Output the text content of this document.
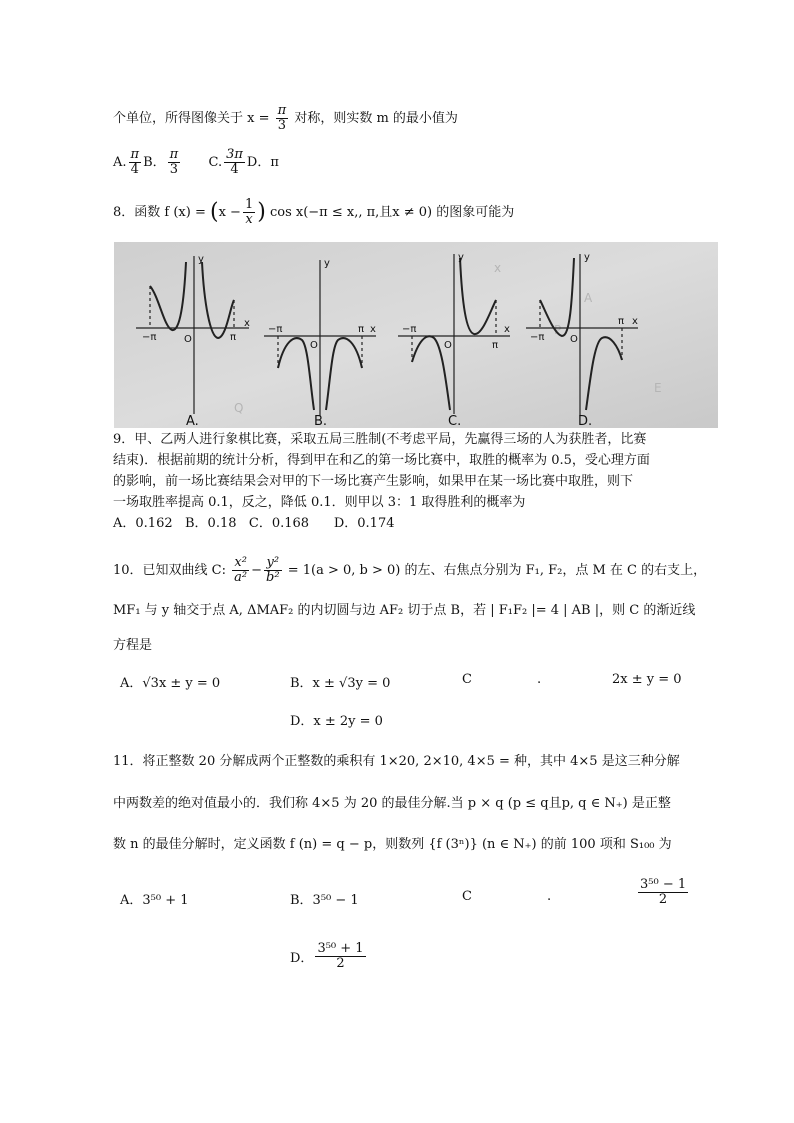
个单位，所得图像关于 $x = \frac{\pi}{3}$ 对称，则实数 m 的最小值为
A. $\frac{\pi}{4}$ B． $\frac{\pi}{3} C$. $\frac{3\pi}{4}$ D．π
8．函数 f $(x) = (x - \frac{1}{x}$ ) cos x(−π ≤ x,, π,且x ≠ 0) 的图象可能为
x
A
P
Q
E
−π	π
O
y
x
A.
−π	π
O
y
x
B.
−π
π
O
y
x
C.
−π
π
O
y
x
D.
9．甲、乙两人进行象棋比赛，采取五局三胜制(不考虑平局，先赢得三场的人为获胜者，比赛
结束)．根据前期的统计分析，得到甲在和乙的第一场比赛中，取胜的概率为 0.5，受心理方面
的影响，前一场比赛结果会对甲的下一场比赛产生影响，如果甲在某一场比赛中取胜，则下
一场取胜率提高 0.1，反之，降低 0.1．则甲以 3：1 取得胜利的概率为
A．0.162   B．0.18   C．0.168      D．0.174
10．已知双曲线 C: $\frac{\text{x²}}{\text{a²}} - \frac{\text{y²}}{\text{b²}} = 1(a > 0$, b > 0) 的左、右焦点分别为 F₁, F₂，点 M 在 C 的右支上，
MF₁ 与 y 轴交于点 A, ΔMAF₂ 的内切圆与边 AF₂ 切于点 B，若 | F₁F₂ |= 4 | AB |，则 C 的渐近线
方程是
A．√3x ± y = 0	B．x ± √3y = 0	C	.	2x ± y = 0
D．x ± 2y = 0
11．将正整数 20 分解成两个正整数的乘积有 1×20, 2×10, 4×5 = 种，其中 4×5 是这三种分解
中两数差的绝对值最小的．我们称 4×5 为 20 的最佳分解.当 p × q (p ≤ q且p, q ∈ N₊) 是正整
数 n 的最佳分解时，定义函数 f (n) = q − p，则数列 {f (3ⁿ)} (n ∈ N₊) 的前 100 项和 S₁₀₀ 为
A．3⁵⁰ + 1	B．3⁵⁰ − 1	C	.	$\frac{\text{3⁵⁰ − 1}}{2}$
D． $\frac{\text{3⁵⁰ + 1}}{2}$
